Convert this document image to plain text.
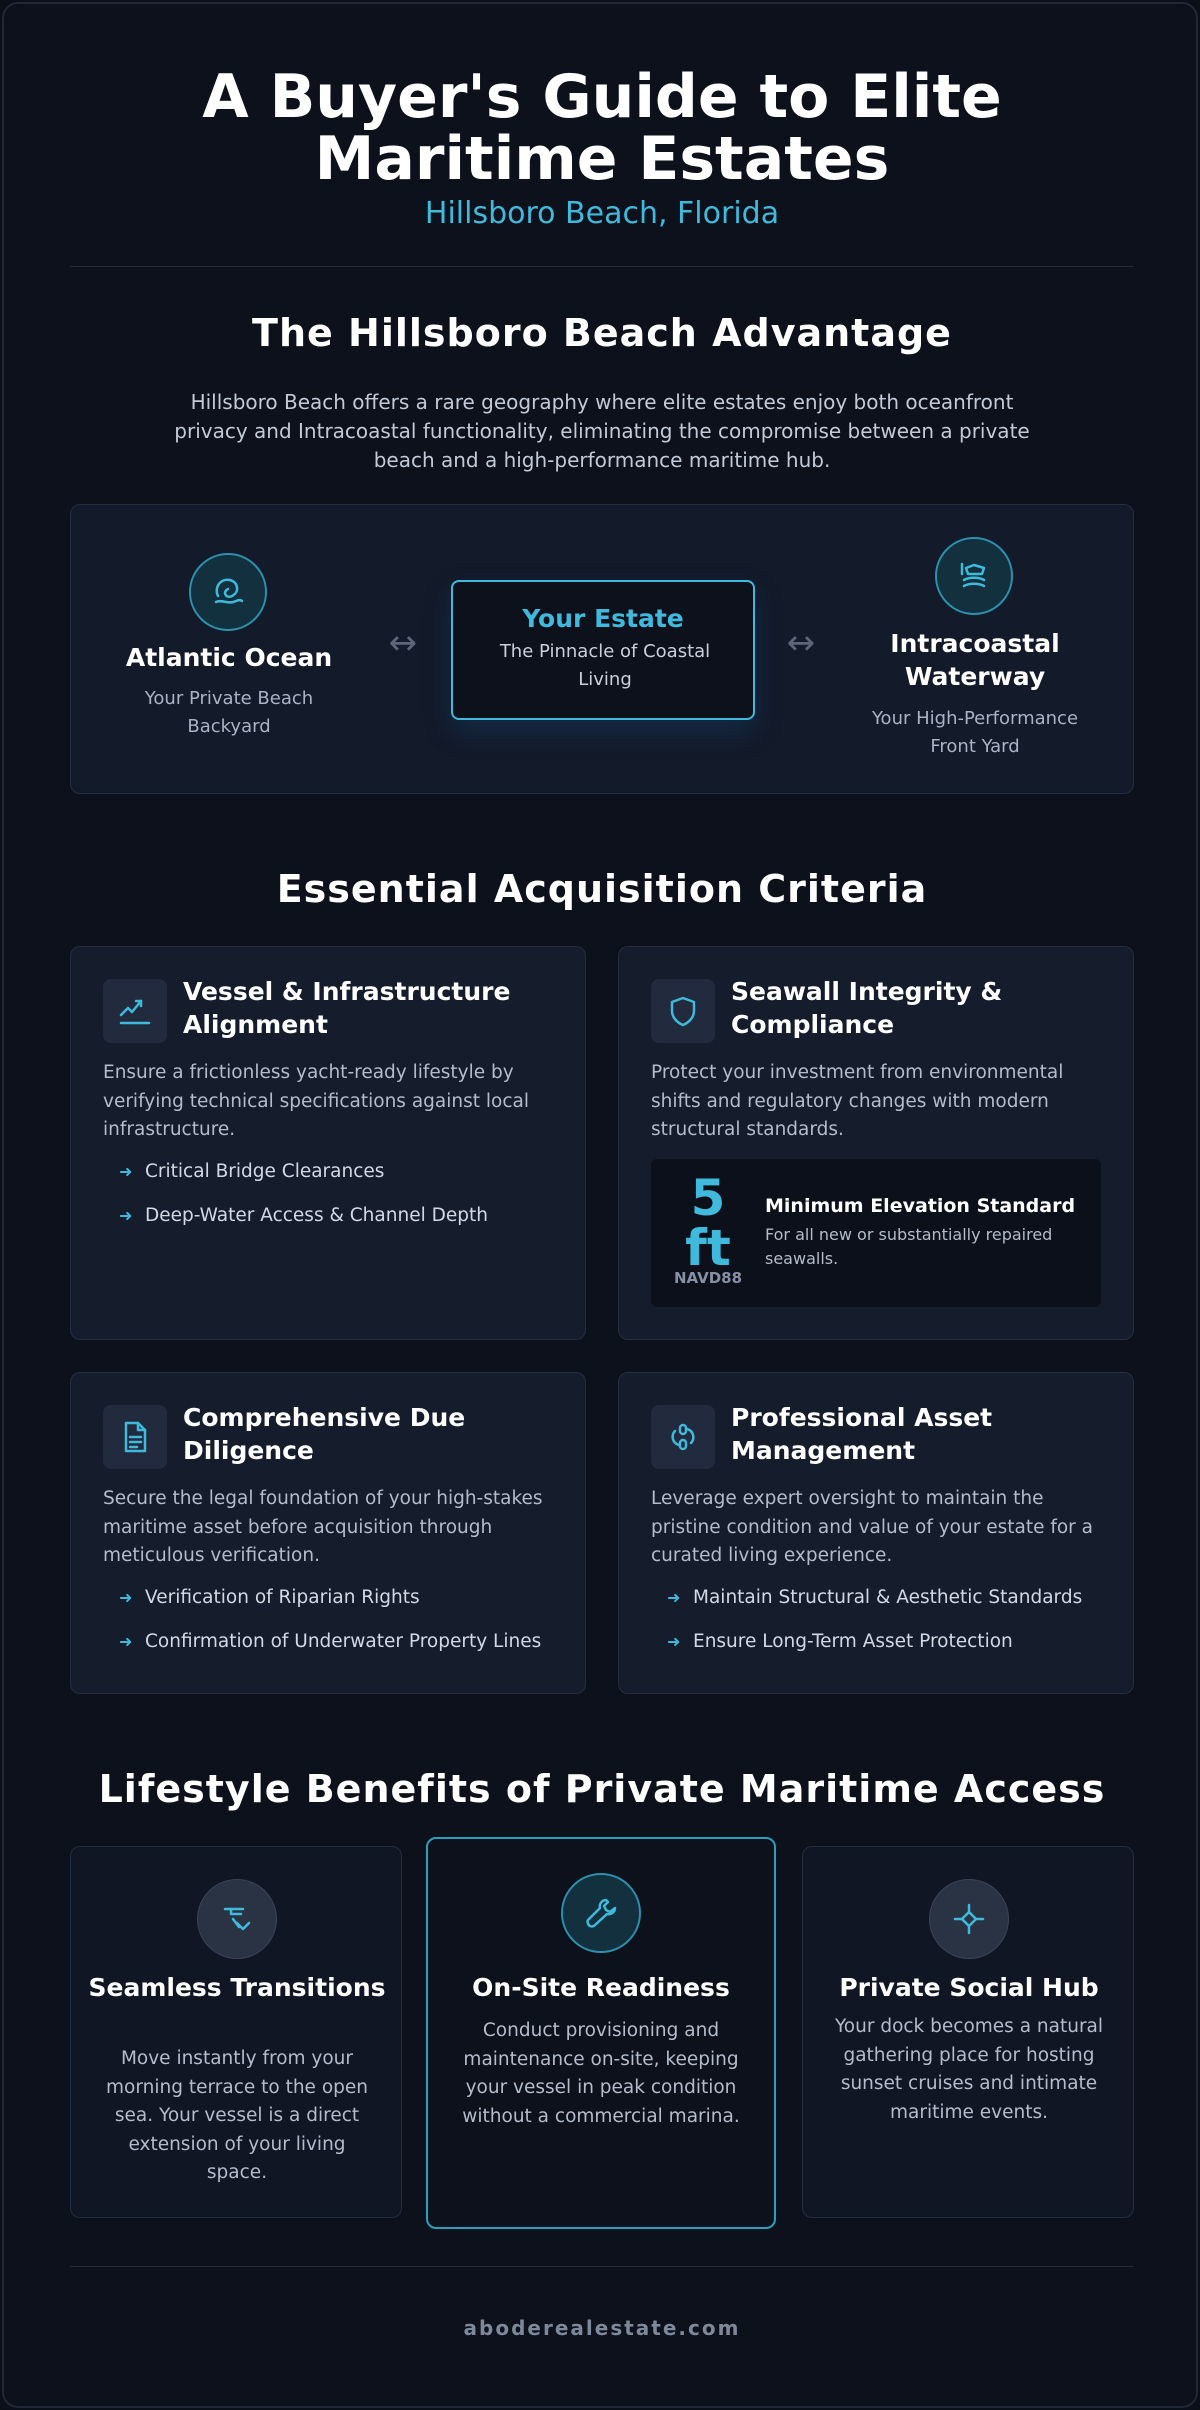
A Buyer's Guide to Elite
Maritime Estates
Hillsboro Beach, Florida
The Hillsboro Beach Advantage
Hillsboro Beach offers a rare geography where elite estates enjoy both oceanfront privacy and Intracoastal functionality, eliminating the compromise between a private beach and a high-performance maritime hub.
Atlantic Ocean
Your Private Beach Backyard
↔
Your Estate
The Pinnacle of Coastal Living
↔	Intracoastal Waterway
Your High-Performance Front Yard
Essential Acquisition Criteria
Vessel & Infrastructure Alignment
Ensure a frictionless yacht-ready lifestyle by verifying technical specifications against local infrastructure.
➜ Critical Bridge Clearances
➜ Deep-Water Access & Channel Depth
Seawall Integrity & Compliance
Protect your investment from environmental shifts and regulatory changes with modern structural standards.
5
ft
NAVD88
Minimum Elevation Standard
For all new or substantially repaired seawalls.
Comprehensive Due Diligence
Secure the legal foundation of your high-stakes maritime asset before acquisition through meticulous verification.
➜ Verification of Riparian Rights
➜ Confirmation of Underwater Property Lines
Professional Asset Management
Leverage expert oversight to maintain the pristine condition and value of your estate for a curated living experience.
➜ Maintain Structural & Aesthetic Standards
➜ Ensure Long-Term Asset Protection
Lifestyle Benefits of Private Maritime Access
Seamless Transitions
Move instantly from your morning terrace to the open sea. Your vessel is a direct extension of your living space.
On-Site Readiness
Conduct provisioning and maintenance on-site, keeping your vessel in peak condition without a commercial marina.
Private Social Hub
Your dock becomes a natural gathering place for hosting sunset cruises and intimate maritime events.
aboderealestate.com
